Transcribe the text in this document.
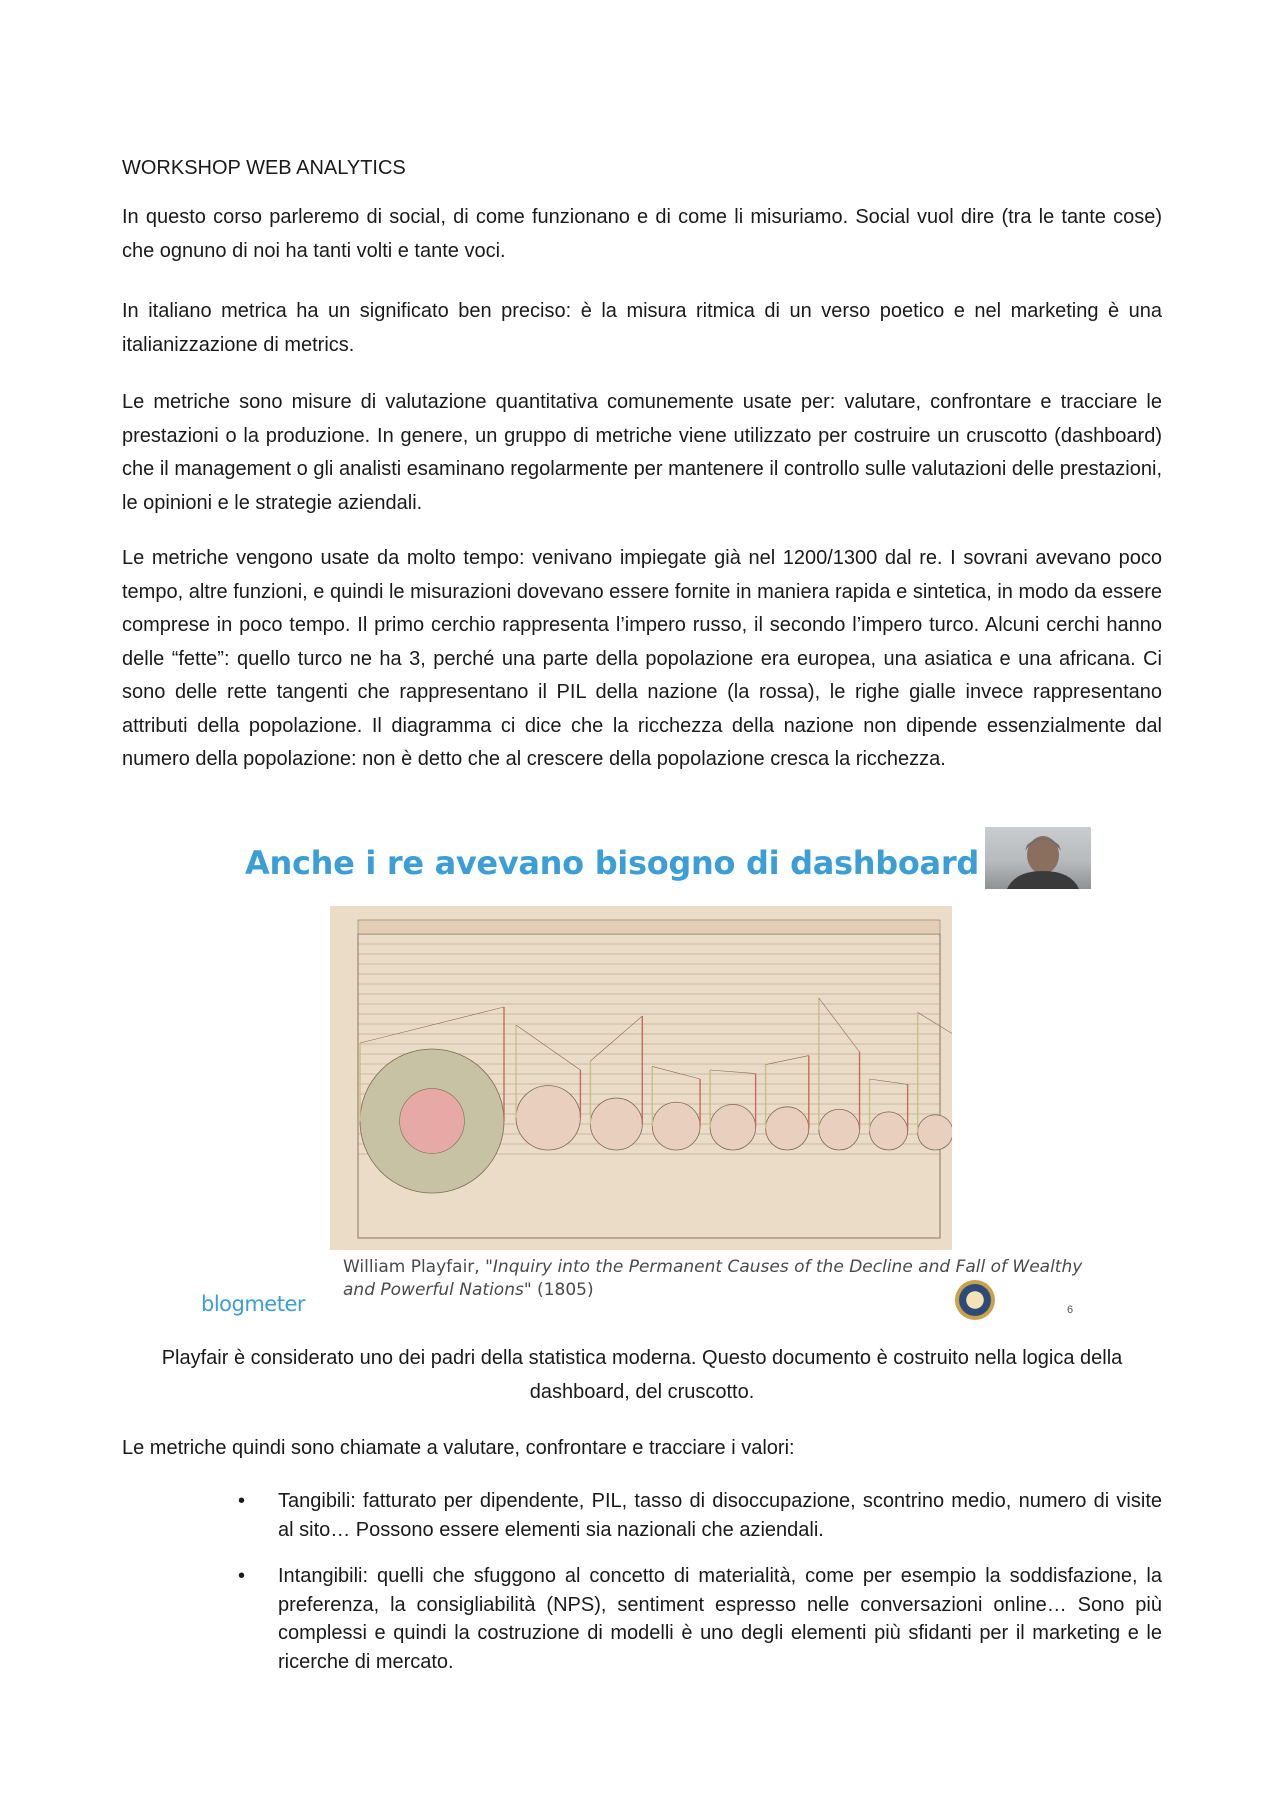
WORKSHOP WEB ANALYTICS

In questo corso parleremo di social, di come funzionano e di come li misuriamo. Social vuol dire (tra le tante cose) che ognuno di noi ha tanti volti e tante voci.

In italiano metrica ha un significato ben preciso: è la misura ritmica di un verso poetico e nel marketing è una italianizzazione di metrics.

Le metriche sono misure di valutazione quantitativa comunemente usate per: valutare, confrontare e tracciare le prestazioni o la produzione. In genere, un gruppo di metriche viene utilizzato per costruire un cruscotto (dashboard) che il management o gli analisti esaminano regolarmente per mantenere il controllo sulle valutazioni delle prestazioni, le opinioni e le strategie aziendali.

Le metriche vengono usate da molto tempo: venivano impiegate già nel 1200/1300 dal re. I sovrani avevano poco tempo, altre funzioni, e quindi le misurazioni dovevano essere fornite in maniera rapida e sintetica, in modo da essere comprese in poco tempo. Il primo cerchio rappresenta l’impero russo, il secondo l’impero turco. Alcuni cerchi hanno delle “fette”: quello turco ne ha 3, perché una parte della popolazione era europea, una asiatica e una africana. Ci sono delle rette tangenti che rappresentano il PIL della nazione (la rossa), le righe gialle invece rappresentano attributi della popolazione. Il diagramma ci dice che la ricchezza della nazione non dipende essenzialmente dal numero della popolazione: non è detto che al crescere della popolazione cresca la ricchezza.

Anche i re avevano bisogno di dashboard

William Playfair, "Inquiry into the Permanent Causes of the Decline and Fall of Wealthy and Powerful Nations" (1805)

blogmeter	6

Playfair è considerato uno dei padri della statistica moderna. Questo documento è costruito nella logica della dashboard, del cruscotto.

Le metriche quindi sono chiamate a valutare, confrontare e tracciare i valori:

• Tangibili: fatturato per dipendente, PIL, tasso di disoccupazione, scontrino medio, numero di visite al sito… Possono essere elementi sia nazionali che aziendali.
• Intangibili: quelli che sfuggono al concetto di materialità, come per esempio la soddisfazione, la preferenza, la consigliabilità (NPS), sentiment espresso nelle conversazioni online… Sono più complessi e quindi la costruzione di modelli è uno degli elementi più sfidanti per il marketing e le ricerche di mercato.
